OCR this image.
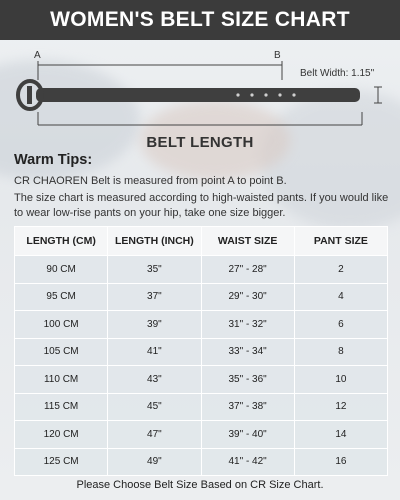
WOMEN'S BELT SIZE CHART
A	B
Belt Width: 1.15"
BELT LENGTH
Warm Tips:

CR CHAOREN Belt is measured from point A to point B.

The size chart is measured according to high-waisted pants. If you would like to wear low-rise pants on your hip, take one size bigger.

LENGTH (CM)	LENGTH (INCH)	WAIST SIZE	PANT SIZE
90 CM	35"	27" - 28"	2
95 CM	37"	29" - 30"	4
100 CM	39"	31" - 32"	6
105 CM	41"	33" - 34"	8
110 CM	43"	35" - 36"	10
115 CM	45"	37" - 38"	12
120 CM	47"	39" - 40"	14
125 CM	49"	41" - 42"	16
Please Choose Belt Size Based on CR Size Chart.
